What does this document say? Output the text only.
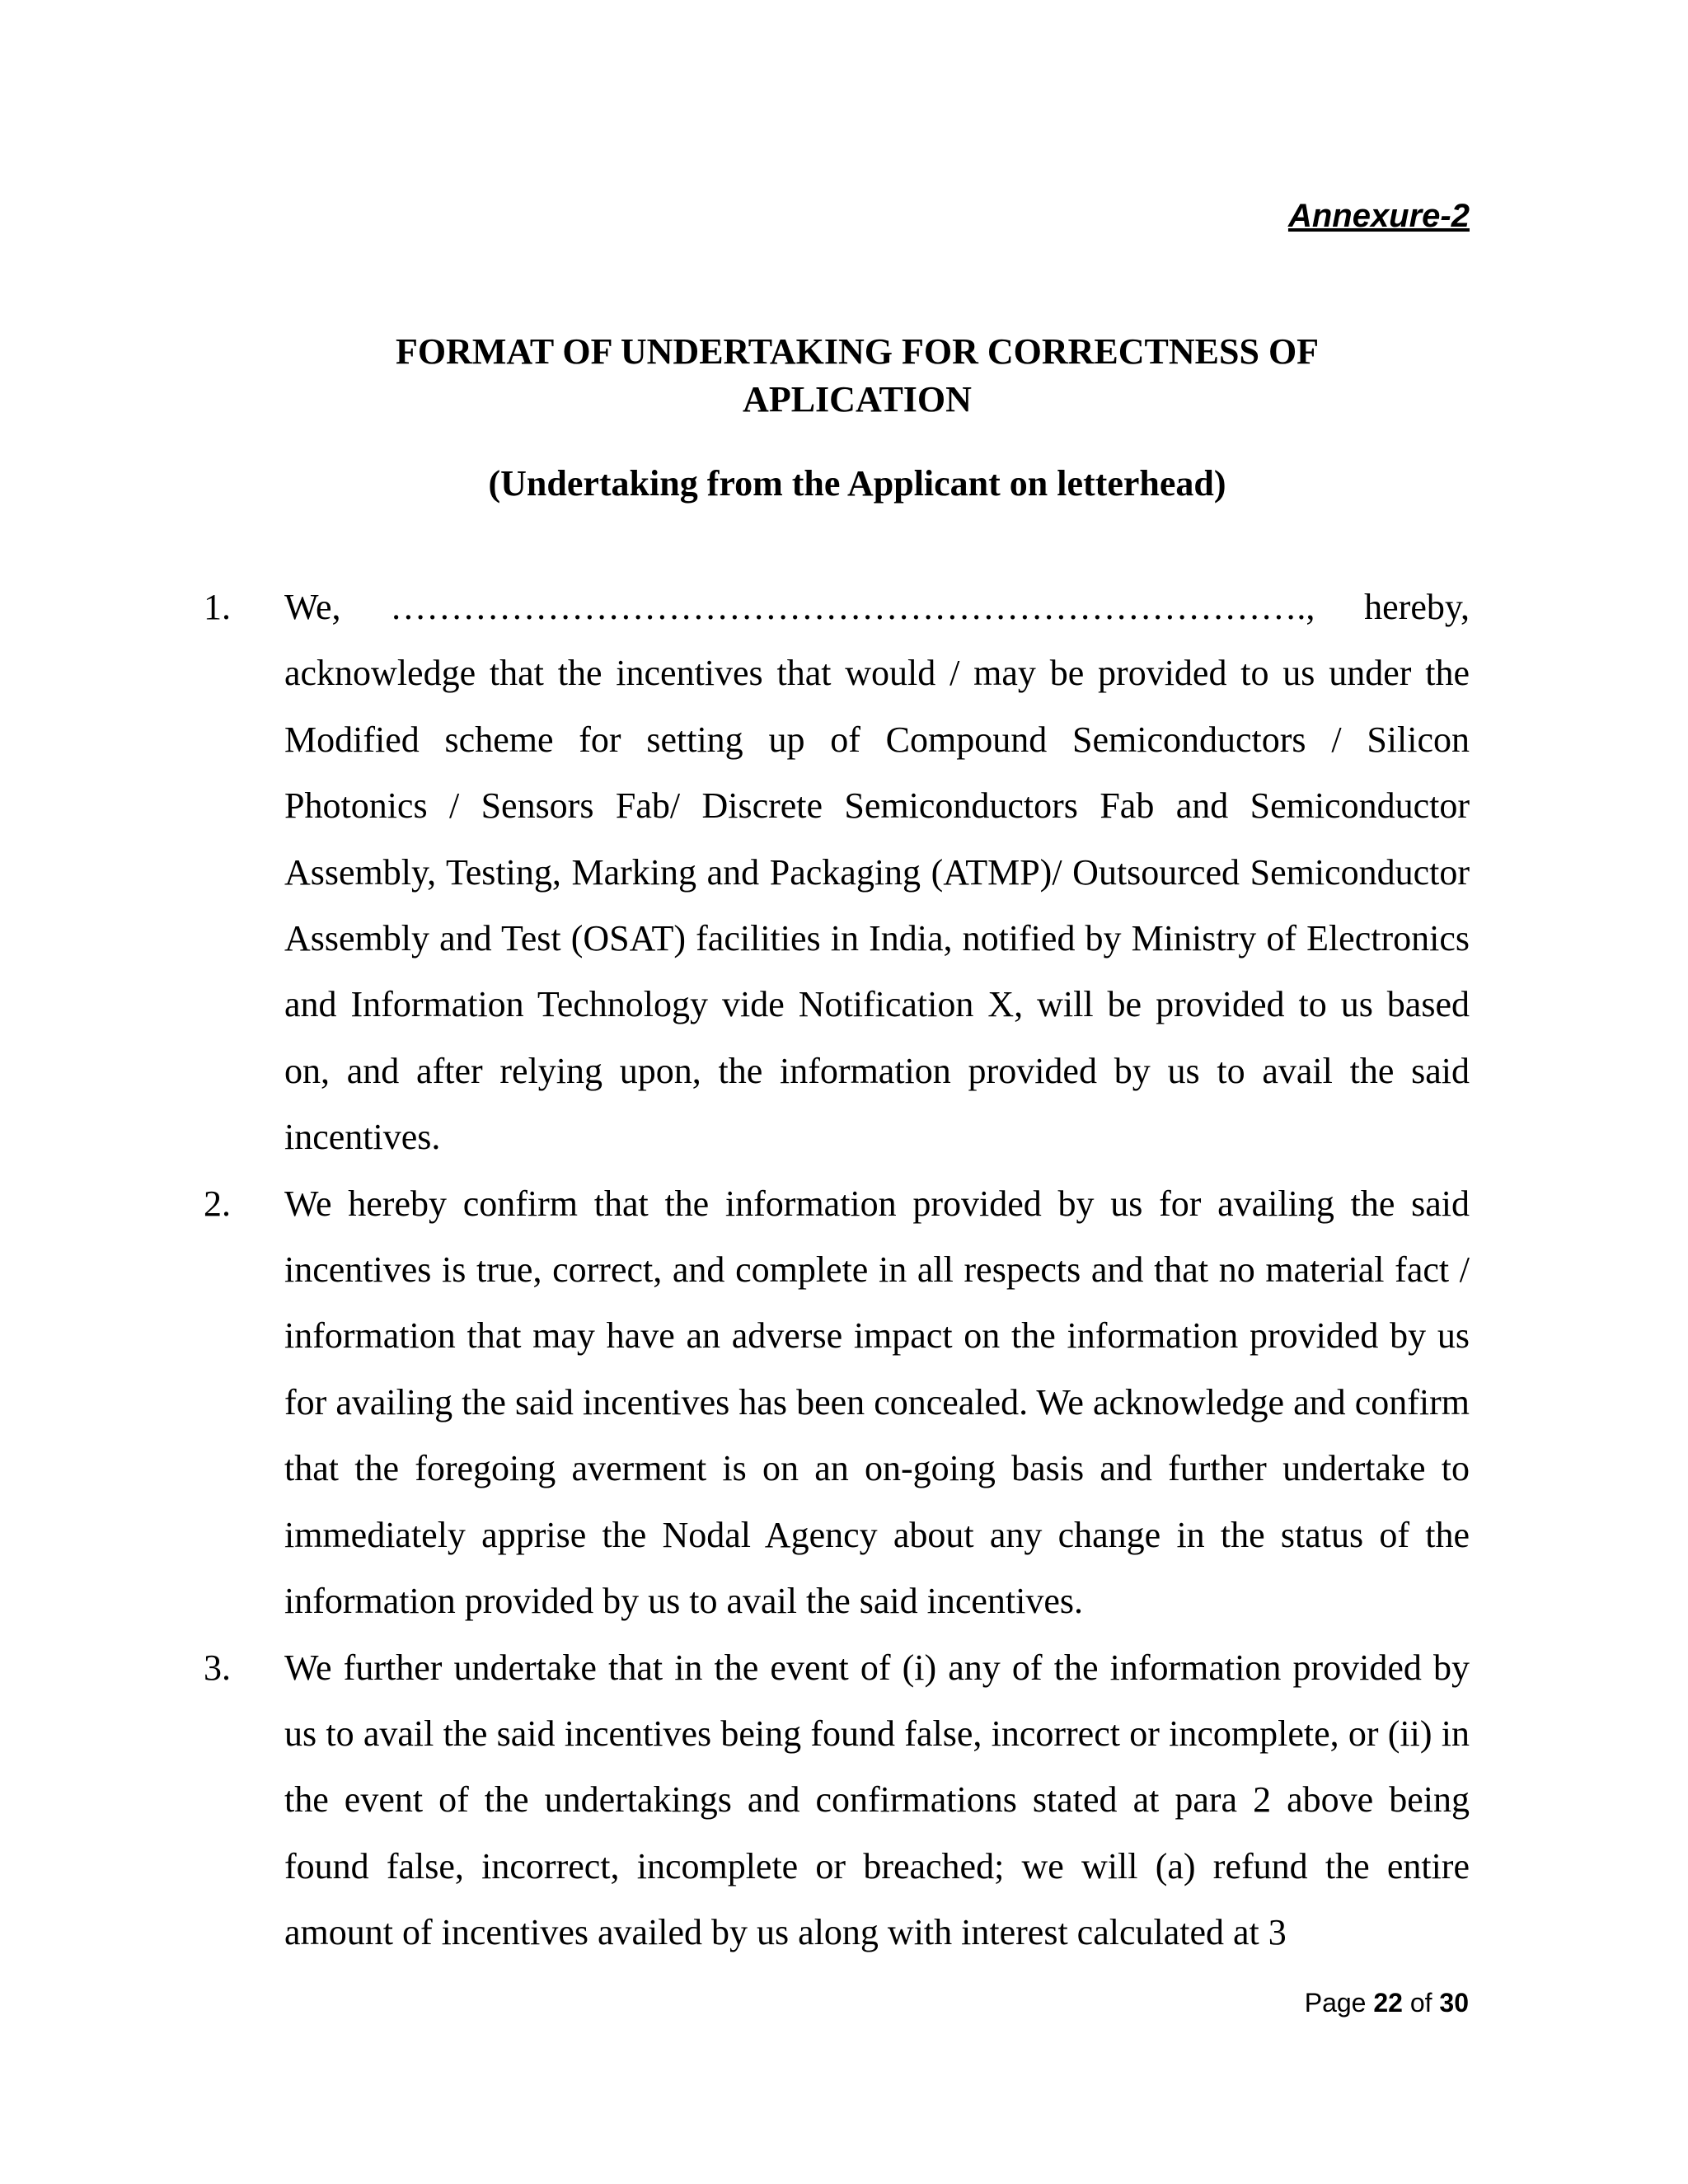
Annexure-2
FORMAT OF UNDERTAKING FOR CORRECTNESS OF
APLICATION
(Undertaking from the Applicant on letterhead)
1. We, …………………………………………………………………., hereby, acknowledge that the incentives that would / may be provided to us under the Modified scheme for setting up of Compound Semiconductors / Silicon Photonics / Sensors Fab/ Discrete Semiconductors Fab and Semiconductor Assembly, Testing, Marking and Packaging (ATMP)/ Outsourced Semiconductor Assembly and Test (OSAT) facilities in India, notified by Ministry of Electronics and Information Technology vide Notification X, will be provided to us based on, and after relying upon, the information provided by us to avail the said incentives.
2. We hereby confirm that the information provided by us for availing the said incentives is true, correct, and complete in all respects and that no material fact / information that may have an adverse impact on the information provided by us for availing the said incentives has been concealed. We acknowledge and confirm that the foregoing averment is on an on-going basis and further undertake to immediately apprise the Nodal Agency about any change in the status of the information provided by us to avail the said incentives.
3. We further undertake that in the event of (i) any of the information provided by us to avail the said incentives being found false, incorrect or incomplete, or (ii) in the event of the undertakings and confirmations stated at para 2 above being found false, incorrect, incomplete or breached; we will (a) refund the entire amount of incentives availed by us along with interest calculated at 3
Page 22 of 30
